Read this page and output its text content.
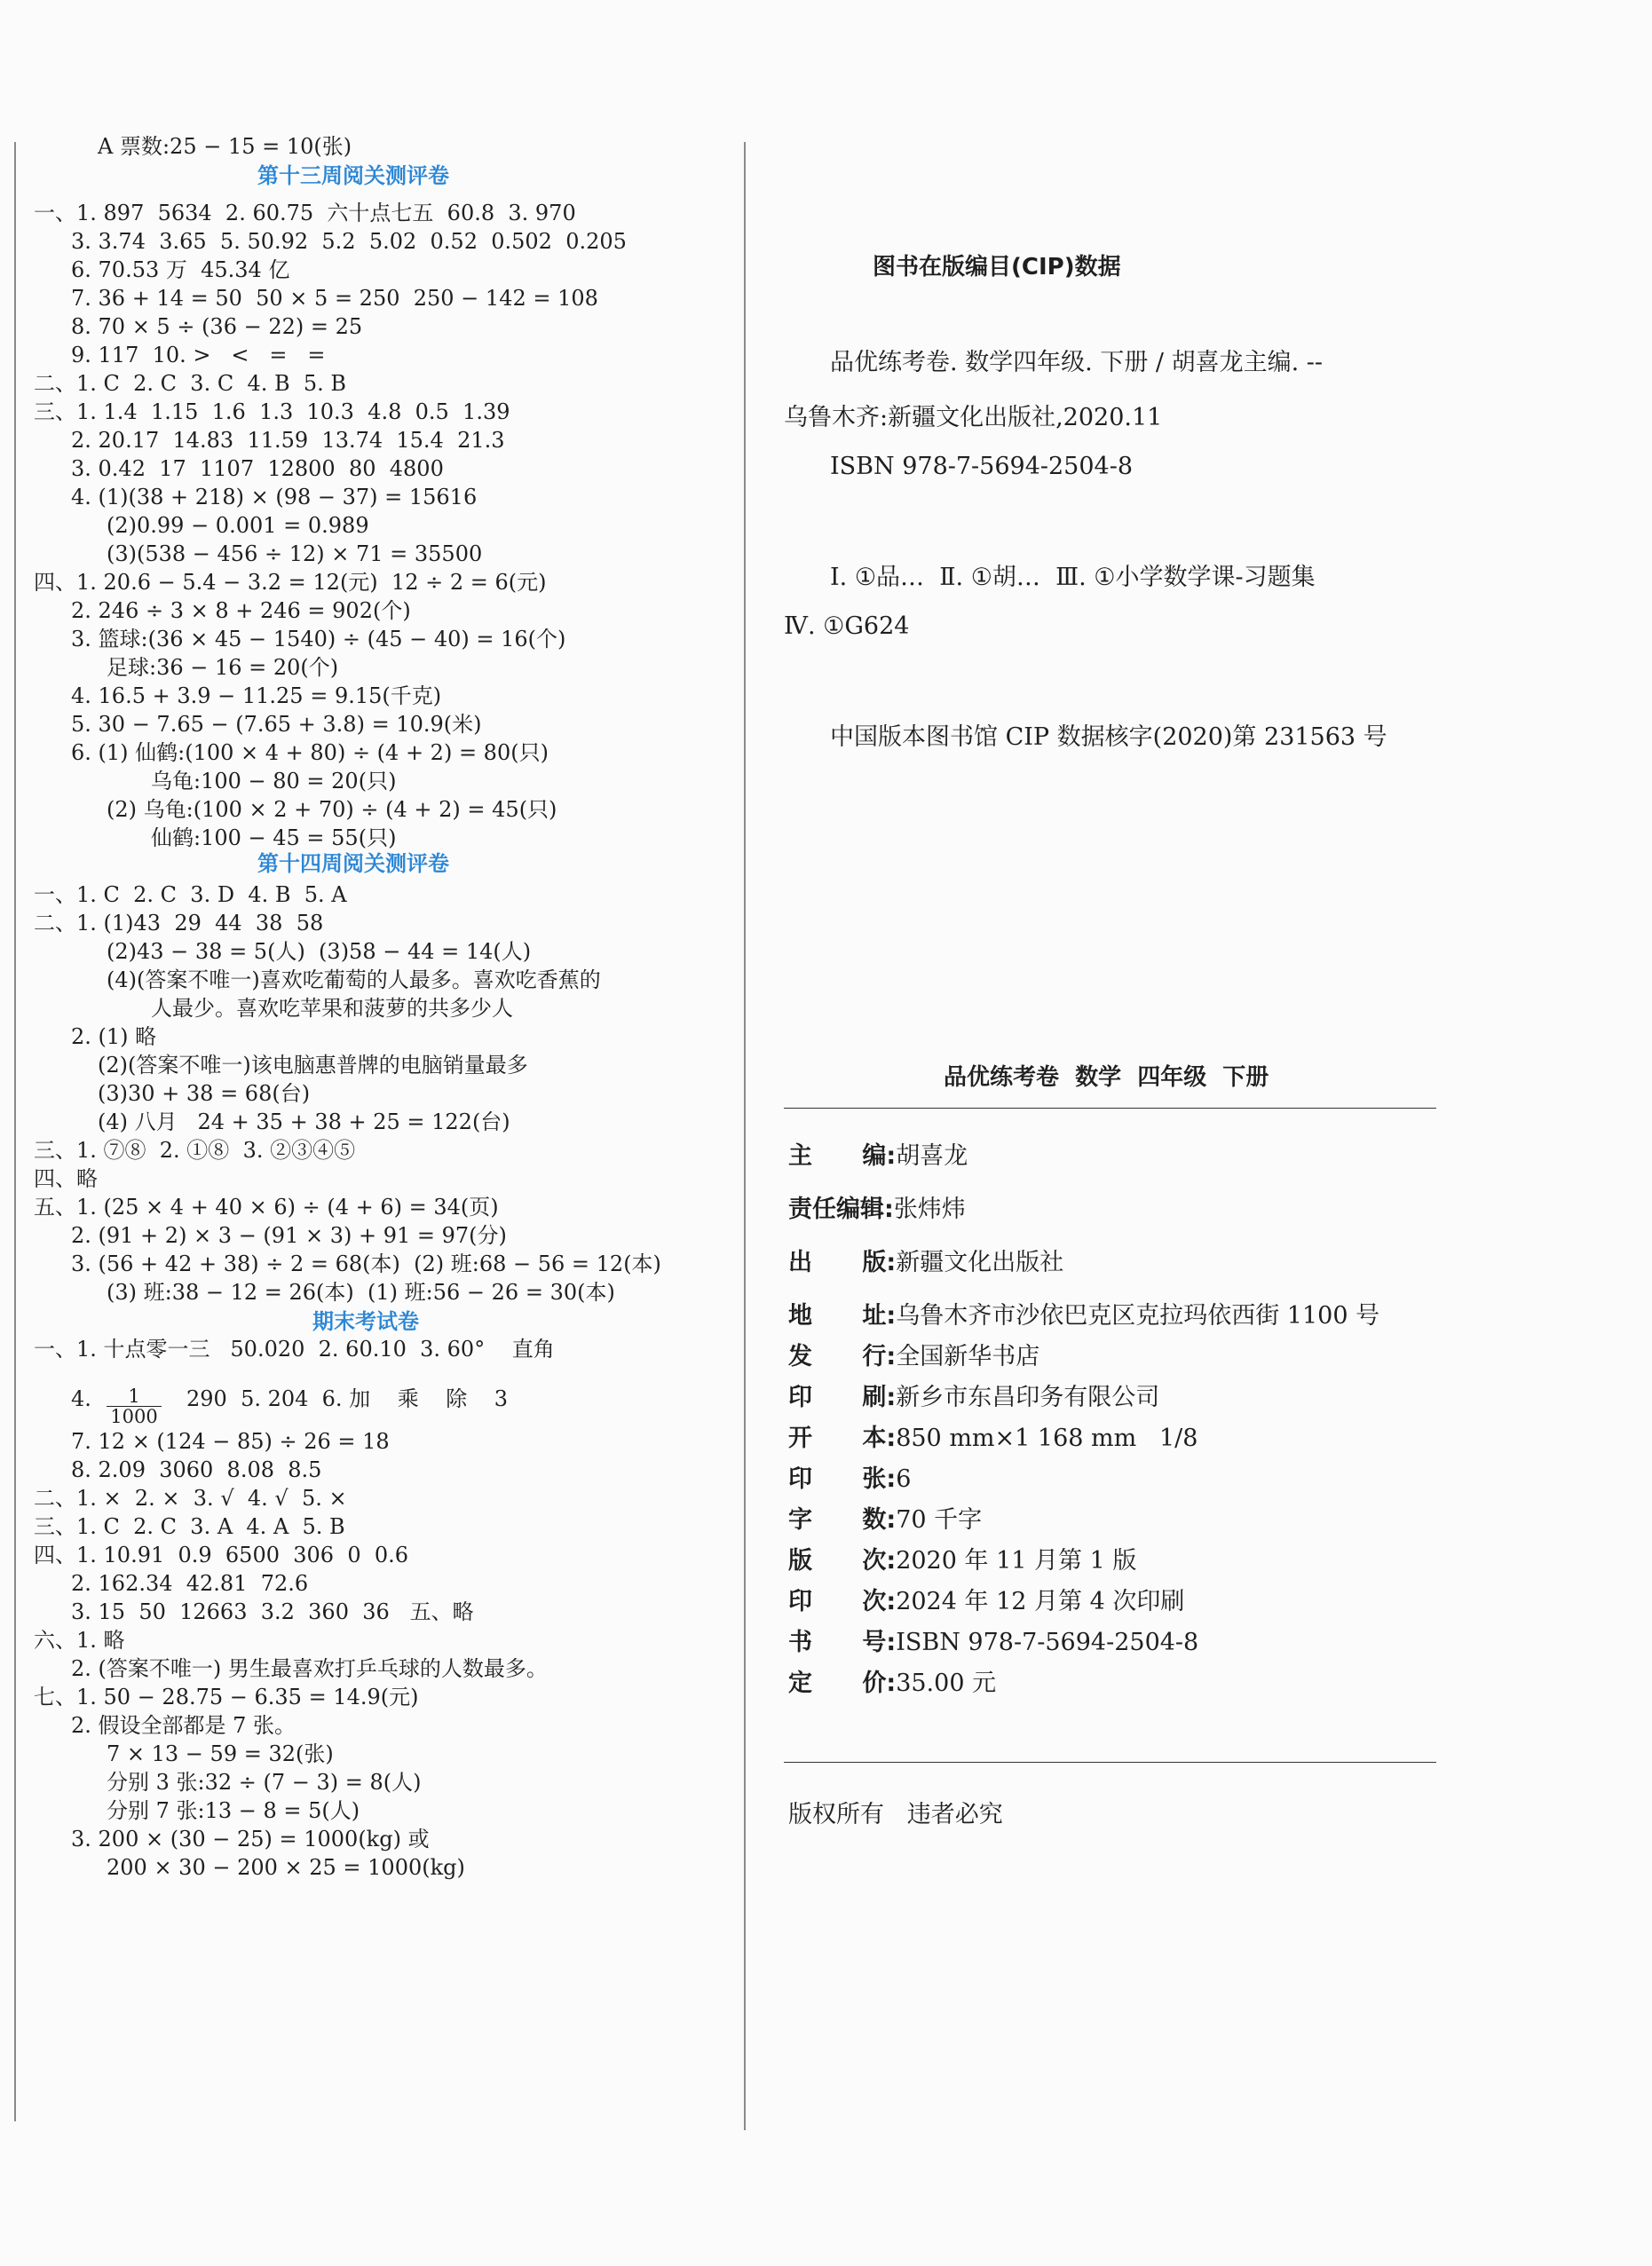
A 票数:25 − 15 = 10(张)
一、1. 897  5634  2. 60.75  六十点七五  60.8  3. 970
3. 3.74  3.65  5. 50.92  5.2  5.02  0.52  0.502  0.205
6. 70.53 万  45.34 亿
7. 36 + 14 = 50  50 × 5 = 250  250 − 142 = 108
8. 70 × 5 ÷ (36 − 22) = 25
9. 117  10. >   <   =   =
二、1. C  2. C  3. C  4. B  5. B
三、1. 1.4  1.15  1.6  1.3  10.3  4.8  0.5  1.39
2. 20.17  14.83  11.59  13.74  15.4  21.3
3. 0.42  17  1107  12800  80  4800
4. (1)(38 + 218) × (98 − 37) = 15616
(2)0.99 − 0.001 = 0.989
(3)(538 − 456 ÷ 12) × 71 = 35500
四、1. 20.6 − 5.4 − 3.2 = 12(元)  12 ÷ 2 = 6(元)
2. 246 ÷ 3 × 8 + 246 = 902(个)
3. 篮球:(36 × 45 − 1540) ÷ (45 − 40) = 16(个)
足球:36 − 16 = 20(个)
4. 16.5 + 3.9 − 11.25 = 9.15(千克)
5. 30 − 7.65 − (7.65 + 3.8) = 10.9(米)
6. (1) 仙鹤:(100 × 4 + 80) ÷ (4 + 2) = 80(只)
乌龟:100 − 80 = 20(只)
(2) 乌龟:(100 × 2 + 70) ÷ (4 + 2) = 45(只)
仙鹤:100 − 45 = 55(只)
一、1. C  2. C  3. D  4. B  5. A
二、1. (1)43  29  44  38  58
(2)43 − 38 = 5(人)  (3)58 − 44 = 14(人)
(4)(答案不唯一)喜欢吃葡萄的人最多。喜欢吃香蕉的
人最少。喜欢吃苹果和菠萝的共多少人
2. (1) 略
(2)(答案不唯一)该电脑惠普牌的电脑销量最多
(3)30 + 38 = 68(台)
(4) 八月   24 + 35 + 38 + 25 = 122(台)
三、1. ⑦⑧  2. ①⑧  3. ②③④⑤
四、略
五、1. (25 × 4 + 40 × 6) ÷ (4 + 6) = 34(页)
2. (91 + 2) × 3 − (91 × 3) + 91 = 97(分)
3. (56 + 42 + 38) ÷ 2 = 68(本)  (2) 班:68 − 56 = 12(本)
(3) 班:38 − 12 = 26(本)  (1) 班:56 − 26 = 30(本)
一、1. 十点零一三   50.020  2. 60.10  3. 60°    直角
4.	290  5. 204  6. 加    乘    除    3
7. 12 × (124 − 85) ÷ 26 = 18
8. 2.09  3060  8.08  8.5
二、1. ×  2. ×  3. √  4. √  5. ×
三、1. C  2. C  3. A  4. A  5. B
四、1. 10.91  0.9  6500  306  0  0.6
2. 162.34  42.81  72.6
3. 15  50  12663  3.2  360  36   五、略
六、1. 略
2. (答案不唯一) 男生最喜欢打乒乓球的人数最多。
七、1. 50 − 28.75 − 6.35 = 14.9(元)
2. 假设全部都是 7 张。
7 × 13 − 59 = 32(张)
分别 3 张:32 ÷ (7 − 3) = 8(人)
分别 7 张:13 − 8 = 5(人)
3. 200 × (30 − 25) = 1000(kg) 或
200 × 30 − 200 × 25 = 1000(kg)
第十三周阅关测评卷
第十四周阅关测评卷
期末考试卷
$\frac{1}{1000}$
图书在版编目(CIP)数据
品优练考卷. 数学四年级. 下册 / 胡喜龙主编. --
乌鲁木齐:新疆文化出版社,2020.11
ISBN 978-7-5694-2504-8
Ⅰ. ①品…  Ⅱ. ①胡…  Ⅲ. ①小学数学课-习题集
Ⅳ. ①G624
中国版本图书馆 CIP 数据核字(2020)第 231563 号
品优练考卷  数学  四年级  下册
主      编:胡喜龙
责任编辑:张炜炜
出      版:新疆文化出版社
地      址:乌鲁木齐市沙依巴克区克拉玛依西街 1100 号
发      行:全国新华书店
印      刷:新乡市东昌印务有限公司
开      本:850 mm×1 168 mm   1/8
印      张:6
字      数:70 千字
版      次:2020 年 11 月第 1 版
印      次:2024 年 12 月第 4 次印刷
书      号:ISBN 978-7-5694-2504-8
定      价:35.00 元
版权所有   违者必究
